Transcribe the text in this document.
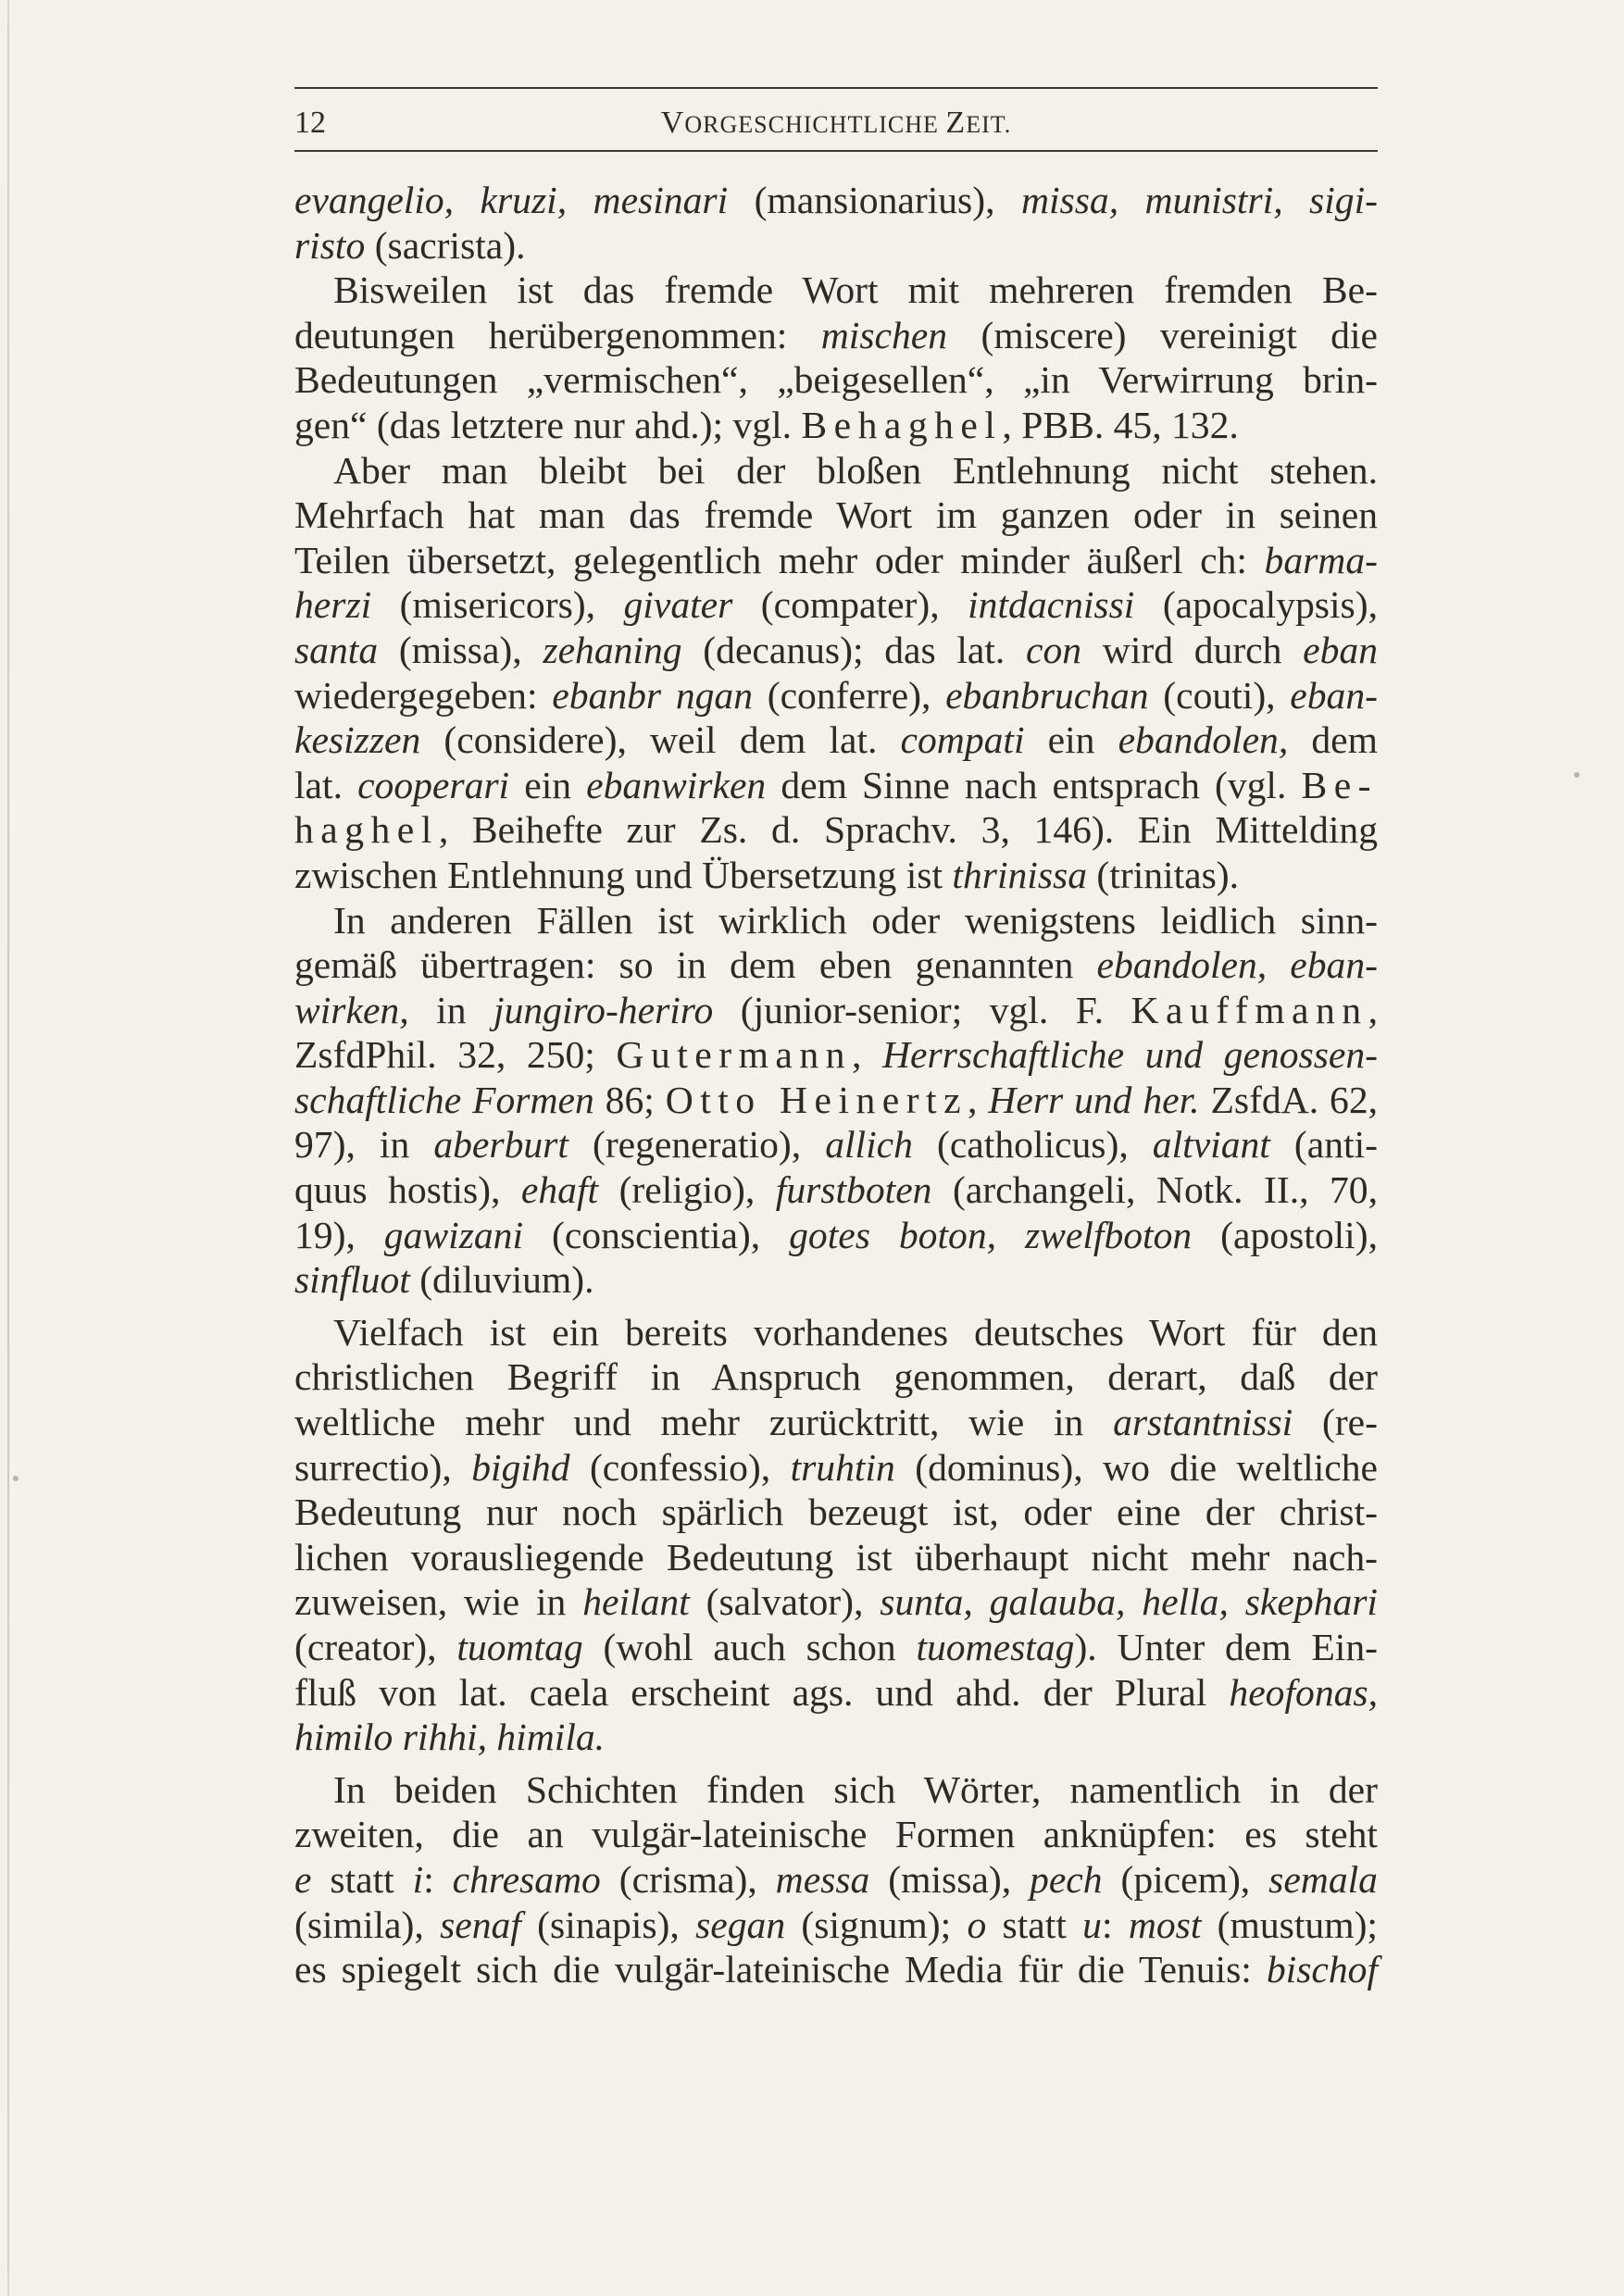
12	VORGESCHICHTLICHE ZEIT.
evangelio, kruzi, mesinari (mansionarius), missa, munistri, sigi-
risto (sacrista).
Bisweilen ist das fremde Wort mit mehreren fremden Be-
deutungen herübergenommen: mischen (miscere) vereinigt die
Bedeutungen „vermischen“, „beigesellen“, „in Verwirrung brin-
gen“ (das letztere nur ahd.); vgl. Behaghel, PBB. 45, 132.
Aber man bleibt bei der bloßen Entlehnung nicht stehen.
Mehrfach hat man das fremde Wort im ganzen oder in seinen
Teilen übersetzt, gelegentlich mehr oder minder äußerl ch: barma-
herzi (misericors), givater (compater), intdacnissi (apocalypsis),
santa (missa), zehaning (decanus); das lat. con wird durch eban
wiedergegeben: ebanbr ngan (conferre), ebanbruchan (couti), eban-
kesizzen (considere), weil dem lat. compati ein ebandolen, dem
lat. cooperari ein ebanwirken dem Sinne nach entsprach (vgl. Be-
haghel, Beihefte zur Zs. d. Sprachv. 3, 146). Ein Mittelding
zwischen Entlehnung und Übersetzung ist thrinissa (trinitas).
In anderen Fällen ist wirklich oder wenigstens leidlich sinn-
gemäß übertragen: so in dem eben genannten ebandolen, eban-
wirken, in jungiro-heriro (junior-senior; vgl. F. Kauffmann,
ZsfdPhil. 32, 250; Gutermann, Herrschaftliche und genossen-
schaftliche Formen 86; Otto Heinertz, Herr und her. ZsfdA. 62,
97), in aberburt (regeneratio), allich (catholicus), altviant (anti-
quus hostis), ehaft (religio), furstboten (archangeli, Notk. II., 70,
19), gawizani (conscientia), gotes boton, zwelfboton (apostoli),
sinfluot (diluvium).
Vielfach ist ein bereits vorhandenes deutsches Wort für den
christlichen Begriff in Anspruch genommen, derart, daß der
weltliche mehr und mehr zurücktritt, wie in arstantnissi (re-
surrectio), bigihd (confessio), truhtin (dominus), wo die weltliche
Bedeutung nur noch spärlich bezeugt ist, oder eine der christ-
lichen vorausliegende Bedeutung ist überhaupt nicht mehr nach-
zuweisen, wie in heilant (salvator), sunta, galauba, hella, skephari
(creator), tuomtag (wohl auch schon tuomestag). Unter dem Ein-
fluß von lat. caela erscheint ags. und ahd. der Plural heofonas,
himilo rihhi, himila.
In beiden Schichten finden sich Wörter, namentlich in der
zweiten, die an vulgär-lateinische Formen anknüpfen: es steht
e statt i: chresamo (crisma), messa (missa), pech (picem), semala
(simila), senaf (sinapis), segan (signum); o statt u: most (mustum);
es spiegelt sich die vulgär-lateinische Media für die Tenuis: bischof
